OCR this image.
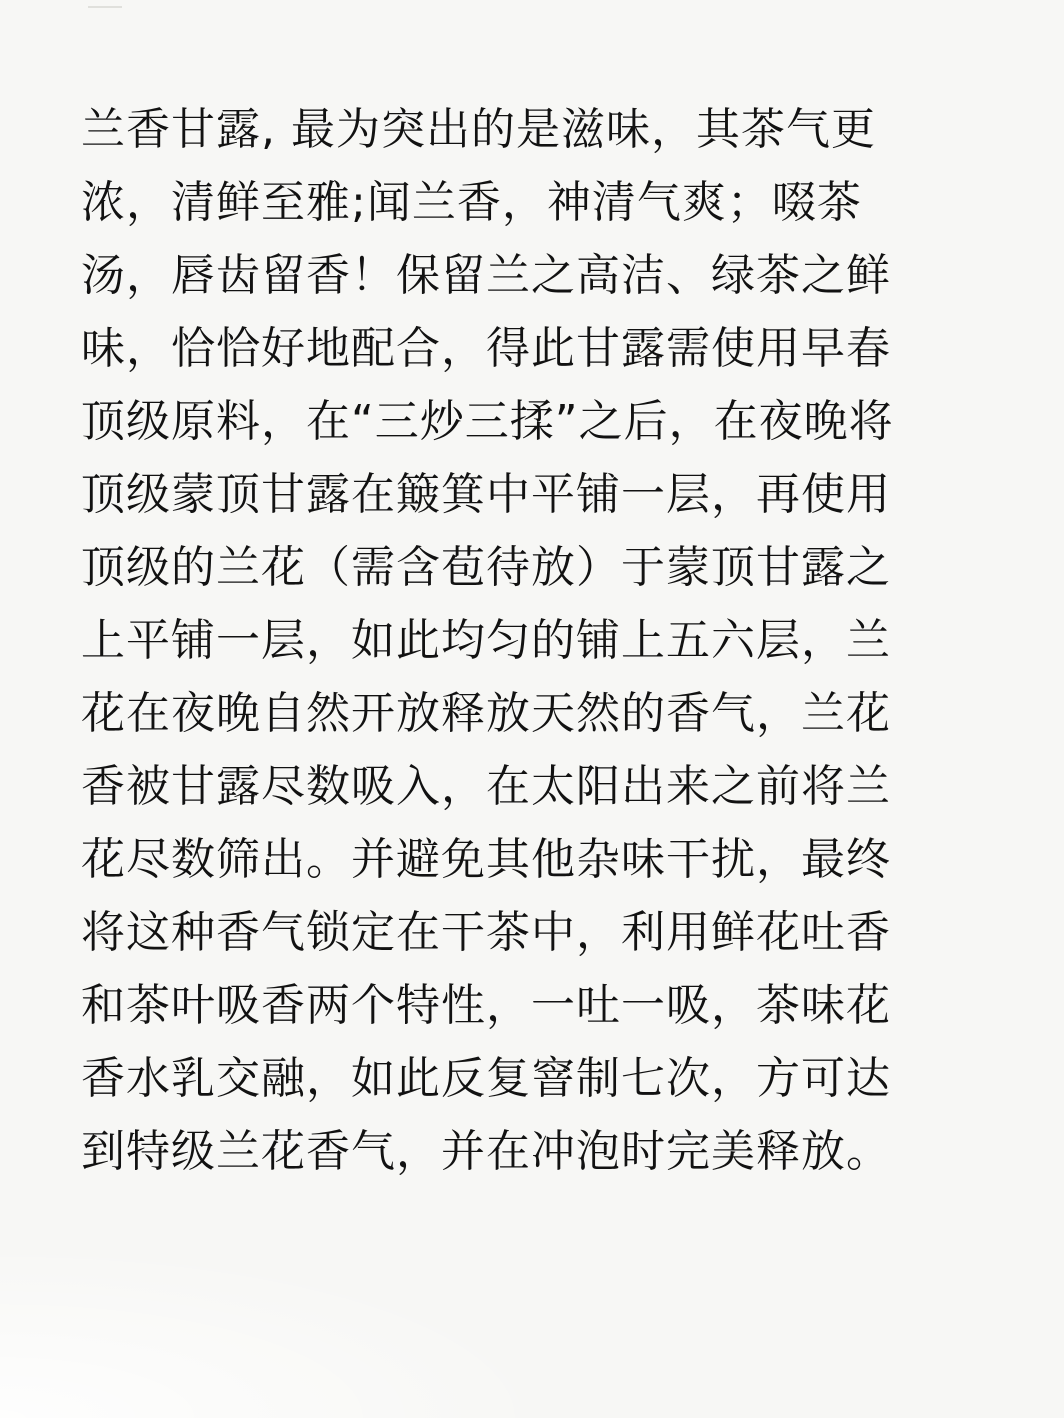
兰香甘露, 最为突出的是滋味，其茶气更
浓，清鲜至雅;闻兰香，神清气爽；啜茶
汤，唇齿留香！保留兰之高洁、绿茶之鲜
味，恰恰好地配合，得此甘露需使用早春
顶级原料，在“三炒三揉”之后，在夜晚将
顶级蒙顶甘露在簸箕中平铺一层，再使用
顶级的兰花（需含苞待放）于蒙顶甘露之
上平铺一层，如此均匀的铺上五六层，兰
花在夜晚自然开放释放天然的香气，兰花
香被甘露尽数吸入，在太阳出来之前将兰
花尽数筛出。并避免其他杂味干扰，最终
将这种香气锁定在干茶中，利用鲜花吐香
和茶叶吸香两个特性，一吐一吸，茶味花
香水乳交融，如此反复窨制七次，方可达
到特级兰花香气，并在冲泡时完美释放。
